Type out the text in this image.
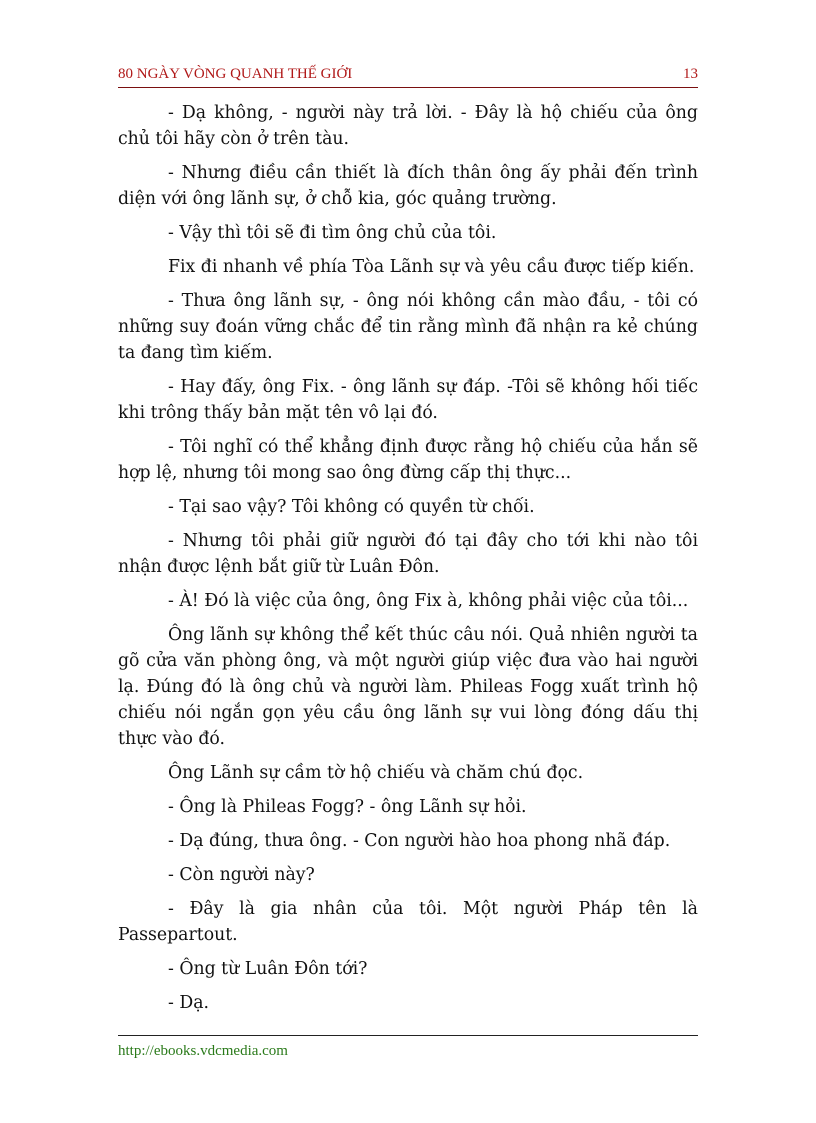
80 NGÀY VÒNG QUANH THẾ GIỚI	13

- Dạ không, - người này trả lời. - Đây là hộ chiếu của ông chủ tôi hãy còn ở trên tàu.

- Nhưng điều cần thiết là đích thân ông ấy phải đến trình diện với ông lãnh sự, ở chỗ kia, góc quảng trường.

- Vậy thì tôi sẽ đi tìm ông chủ của tôi.

Fix đi nhanh về phía Tòa Lãnh sự và yêu cầu được tiếp kiến.

- Thưa ông lãnh sự, - ông nói không cần mào đầu, - tôi có những suy đoán vững chắc để tin rằng mình đã nhận ra kẻ chúng ta đang tìm kiếm.

- Hay đấy, ông Fix. - ông lãnh sự đáp. -Tôi sẽ không hối tiếc khi trông thấy bản mặt tên vô lại đó.

- Tôi nghĩ có thể khẳng định được rằng hộ chiếu của hắn sẽ hợp lệ, nhưng tôi mong sao ông đừng cấp thị thực...

- Tại sao vậy? Tôi không có quyền từ chối.

- Nhưng tôi phải giữ người đó tại đây cho tới khi nào tôi nhận được lệnh bắt giữ từ Luân Đôn.

- À! Đó là việc của ông, ông Fix à, không phải việc của tôi...

Ông lãnh sự không thể kết thúc câu nói. Quả nhiên người ta gõ cửa văn phòng ông, và một người giúp việc đưa vào hai người lạ. Đúng đó là ông chủ và người làm. Phileas Fogg xuất trình hộ chiếu nói ngắn gọn yêu cầu ông lãnh sự vui lòng đóng dấu thị thực vào đó.

Ông Lãnh sự cầm tờ hộ chiếu và chăm chú đọc.

- Ông là Phileas Fogg? - ông Lãnh sự hỏi.

- Dạ đúng, thưa ông. - Con người hào hoa phong nhã đáp.

- Còn người này?

- Đây là gia nhân của tôi. Một người Pháp tên là Passepartout.

- Ông từ Luân Đôn tới?

- Dạ.

http://ebooks.vdcmedia.com
